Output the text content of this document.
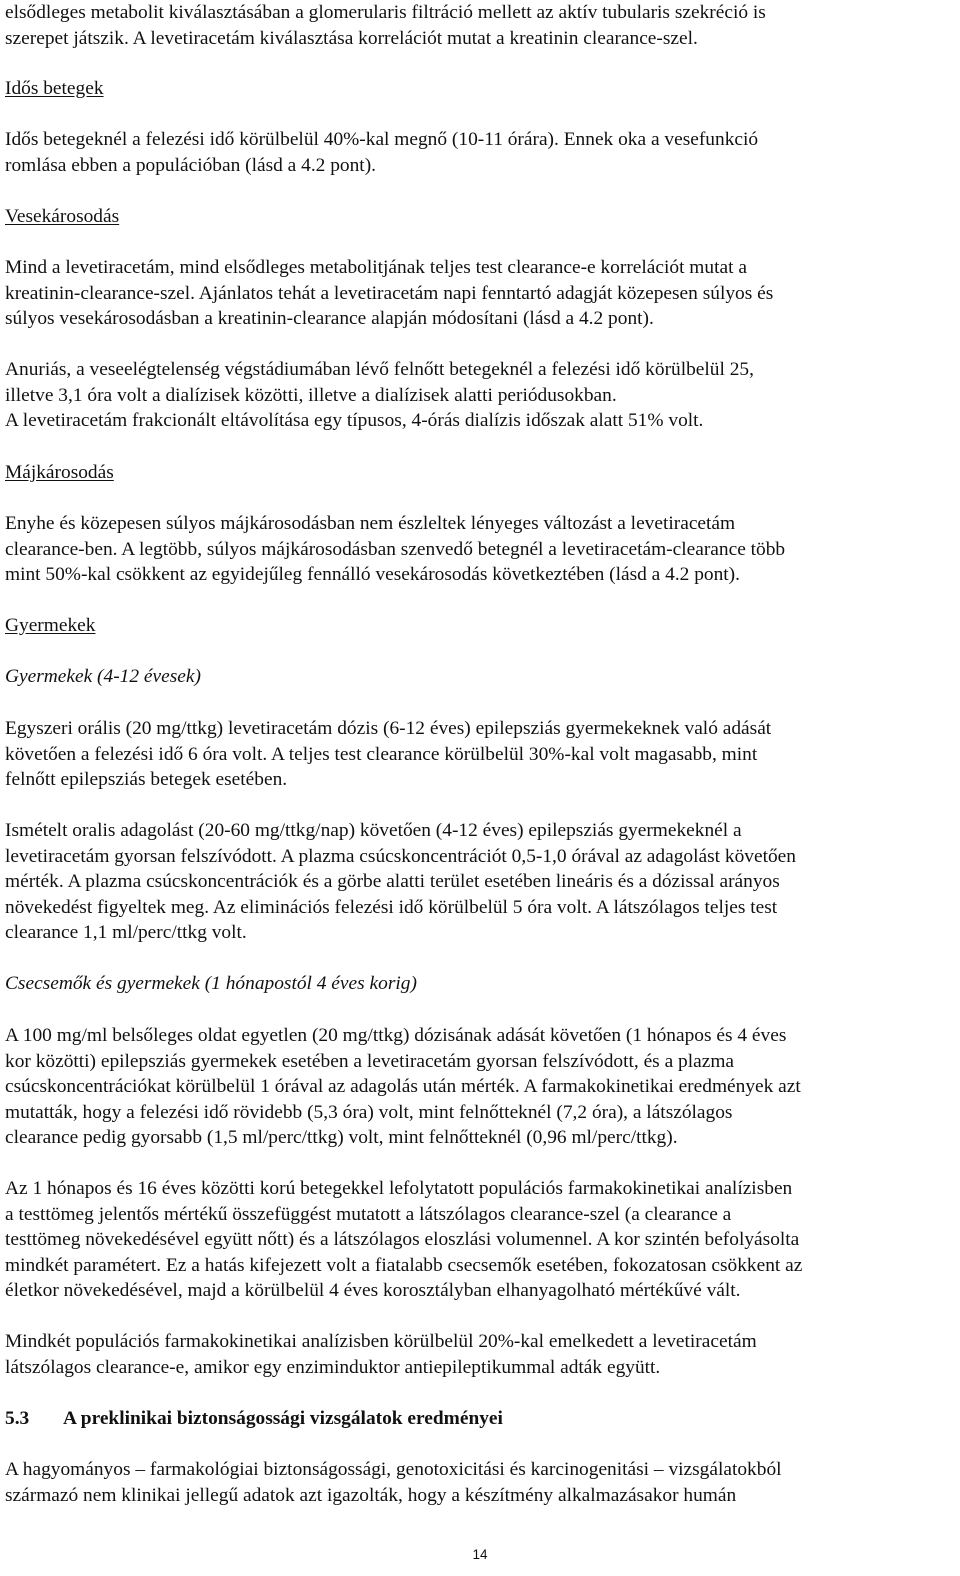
elsődleges metabolit kiválasztásában a glomerularis filtráció mellett az aktív tubularis szekréció is
szerepet játszik. A levetiracetám kiválasztása korrelációt mutat a kreatinin clearance-szel.

Idős betegek

Idős betegeknél a felezési idő körülbelül 40%-kal megnő (10-11 órára). Ennek oka a vesefunkció
romlása ebben a populációban (lásd a 4.2 pont).

Vesekárosodás

Mind a levetiracetám, mind elsődleges metabolitjának teljes test clearance-e korrelációt mutat a
kreatinin-clearance-szel. Ajánlatos tehát a levetiracetám napi fenntartó adagját közepesen súlyos és
súlyos vesekárosodásban a kreatinin-clearance alapján módosítani (lásd a 4.2 pont).

Anuriás, a veseelégtelenség végstádiumában lévő felnőtt betegeknél a felezési idő körülbelül 25,
illetve 3,1 óra volt a dialízisek közötti, illetve a dialízisek alatti periódusokban.
A levetiracetám frakcionált eltávolítása egy típusos, 4-órás dialízis időszak alatt 51% volt.

Májkárosodás

Enyhe és közepesen súlyos májkárosodásban nem észleltek lényeges változást a levetiracetám
clearance-ben. A legtöbb, súlyos májkárosodásban szenvedő betegnél a levetiracetám-clearance több
mint 50%-kal csökkent az egyidejűleg fennálló vesekárosodás következtében (lásd a 4.2 pont).

Gyermekek

Gyermekek (4-12 évesek)

Egyszeri orális (20 mg/ttkg) levetiracetám dózis (6-12 éves) epilepsziás gyermekeknek való adását
követően a felezési idő 6 óra volt. A teljes test clearance körülbelül 30%-kal volt magasabb, mint
felnőtt epilepsziás betegek esetében.

Ismételt oralis adagolást (20-60 mg/ttkg/nap) követően (4-12 éves) epilepsziás gyermekeknél a
levetiracetám gyorsan felszívódott. A plazma csúcskoncentrációt 0,5-1,0 órával az adagolást követően
mérték. A plazma csúcskoncentrációk és a görbe alatti terület esetében lineáris és a dózissal arányos
növekedést figyeltek meg. Az eliminációs felezési idő körülbelül 5 óra volt. A látszólagos teljes test
clearance 1,1 ml/perc/ttkg volt.

Csecsemők és gyermekek (1 hónapostól 4 éves korig)

A 100 mg/ml belsőleges oldat egyetlen (20 mg/ttkg) dózisának adását követően (1 hónapos és 4 éves
kor közötti) epilepsziás gyermekek esetében a levetiracetám gyorsan felszívódott, és a plazma
csúcskoncentrációkat körülbelül 1 órával az adagolás után mérték. A farmakokinetikai eredmények azt
mutatták, hogy a felezési idő rövidebb (5,3 óra) volt, mint felnőtteknél (7,2 óra), a látszólagos
clearance pedig gyorsabb (1,5 ml/perc/ttkg) volt, mint felnőtteknél (0,96 ml/perc/ttkg).

Az 1 hónapos és 16 éves közötti korú betegekkel lefolytatott populációs farmakokinetikai analízisben
a testtömeg jelentős mértékű összefüggést mutatott a látszólagos clearance-szel (a clearance a
testtömeg növekedésével együtt nőtt) és a látszólagos eloszlási volumennel. A kor szintén befolyásolta
mindkét paramétert. Ez a hatás kifejezett volt a fiatalabb csecsemők esetében, fokozatosan csökkent az
életkor növekedésével, majd a körülbelül 4 éves korosztályban elhanyagolható mértékűvé vált.

Mindkét populációs farmakokinetikai analízisben körülbelül 20%-kal emelkedett a levetiracetám
látszólagos clearance-e, amikor egy enziminduktor antiepileptikummal adták együtt.

5.3 A preklinikai biztonságossági vizsgálatok eredményei

A hagyományos – farmakológiai biztonságossági, genotoxicitási és karcinogenitási – vizsgálatokból
származó nem klinikai jellegű adatok azt igazolták, hogy a készítmény alkalmazásakor humán

14
